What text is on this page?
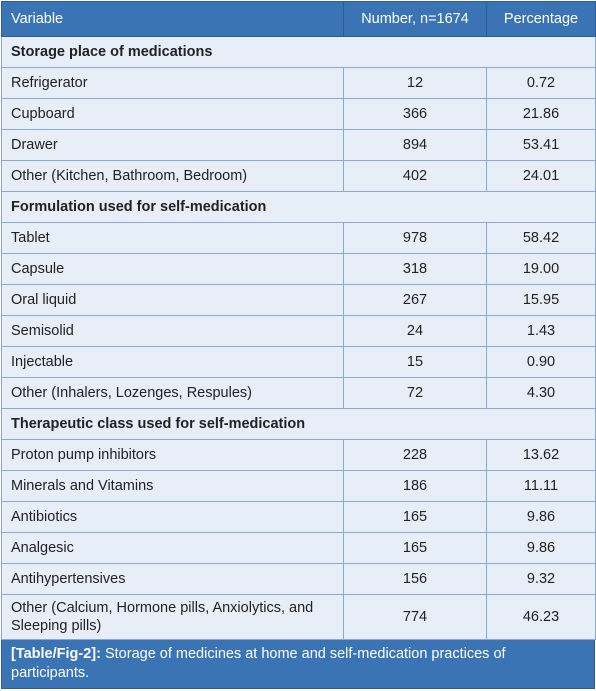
Variable	Number, n=1674	Percentage
Storage place of medications		
Refrigerator	12	0.72
Cupboard	366	21.86
Drawer	894	53.41
Other (Kitchen, Bathroom, Bedroom)	402	24.01
Formulation used for self-medication		
Tablet	978	58.42
Capsule	318	19.00
Oral liquid	267	15.95
Semisolid	24	1.43
Injectable	15	0.90
Other (Inhalers, Lozenges, Respules)	72	4.30
Therapeutic class used for self-medication		
Proton pump inhibitors	228	13.62
Minerals and Vitamins	186	11.11
Antibiotics	165	9.86
Analgesic	165	9.86
Antihypertensives	156	9.32
Other (Calcium, Hormone pills, Anxiolytics, and Sleeping pills)	774	46.23
[Table/Fig-2]: Storage of medicines at home and self-medication practices of participants.
